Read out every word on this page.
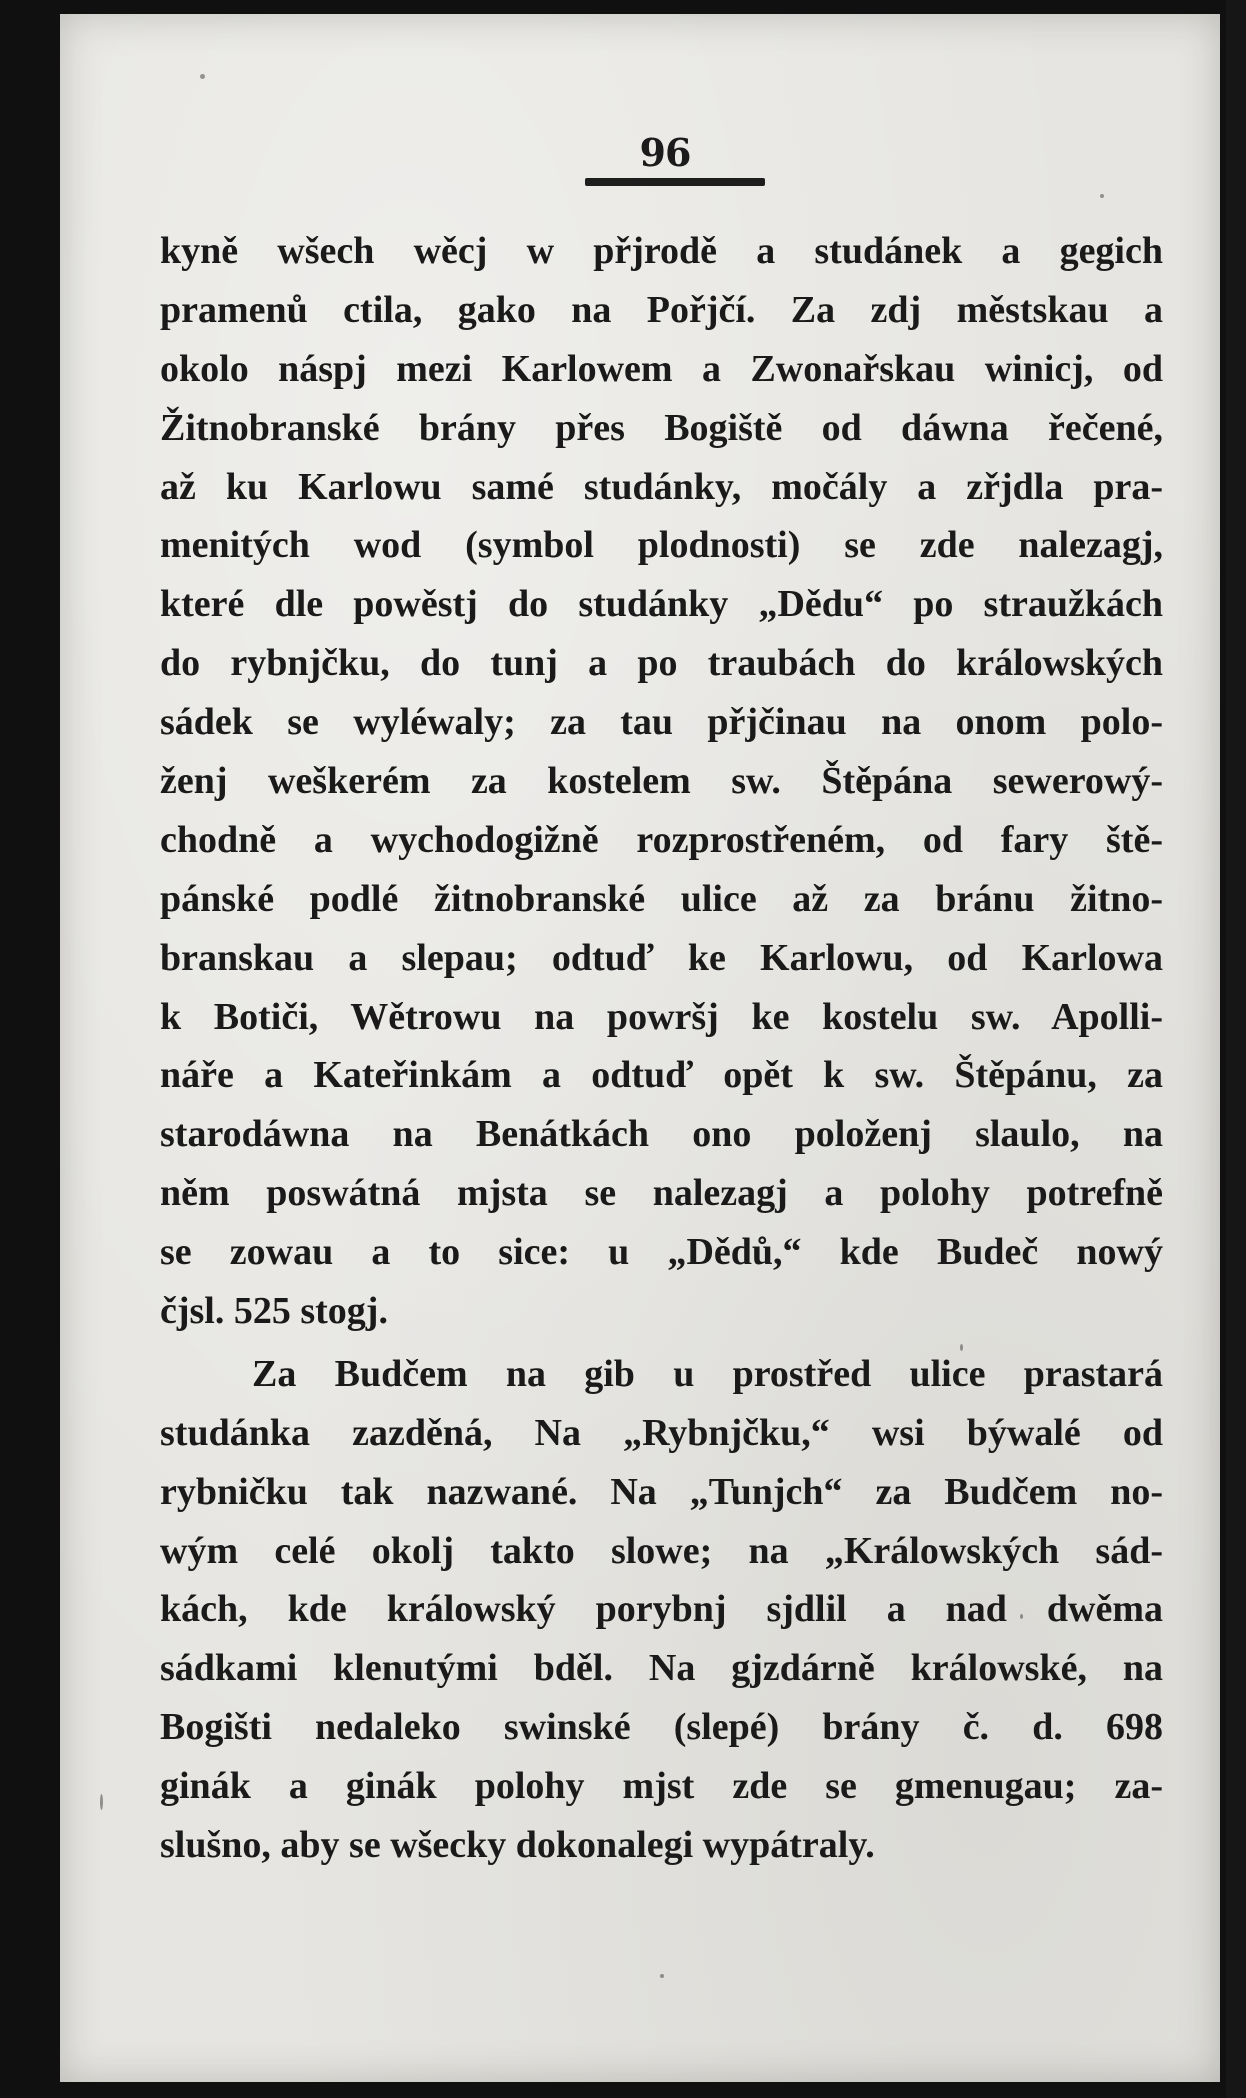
96
kyně wšech wěcj w přjrodě a studánek a gegich
pramenů ctila, gako na Pořjčí. Za zdj městskau a
okolo náspj mezi Karlowem a Zwonařskau winicj, od
Žitnobranské brány přes Bogiště od dáwna řečené,
až ku Karlowu samé studánky, močály a zřjdla pra-
menitých wod (symbol plodnosti) se zde nalezagj,
které dle powěstj do studánky „Dědu“ po straužkách
do rybnjčku, do tunj a po traubách do králowských
sádek se wyléwaly; za tau přjčinau na onom polo-
ženj weškerém za kostelem sw. Štěpána sewerowý-
chodně a wychodogižně rozprostřeném, od fary ště-
pánské podlé žitnobranské ulice až za bránu žitno-
branskau a slepau; odtuď ke Karlowu, od Karlowa
k Botiči, Wětrowu na powršj ke kostelu sw. Apolli-
náře a Kateřinkám a odtuď opět k sw. Štěpánu, za
starodáwna na Benátkách ono položenj slaulo, na
něm poswátná mjsta se nalezagj a polohy potrefně
se zowau a to sice: u „Dědů,“ kde Budeč nowý
čjsl. 525 stogj.
Za Budčem na gib u prostřed ulice prastará
studánka zazděná, Na „Rybnjčku,“ wsi býwalé od
rybničku tak nazwané. Na „Tunjch“ za Budčem no-
wým celé okolj takto slowe; na „Králowských sád-
kách, kde králowský porybnj sjdlil a nad dwěma
sádkami klenutými bděl. Na gjzdárně králowské, na
Bogišti nedaleko swinské (slepé) brány č. d. 698
ginák a ginák polohy mjst zde se gmenugau; za-
slušno, aby se wšecky dokonalegi wypátraly.
